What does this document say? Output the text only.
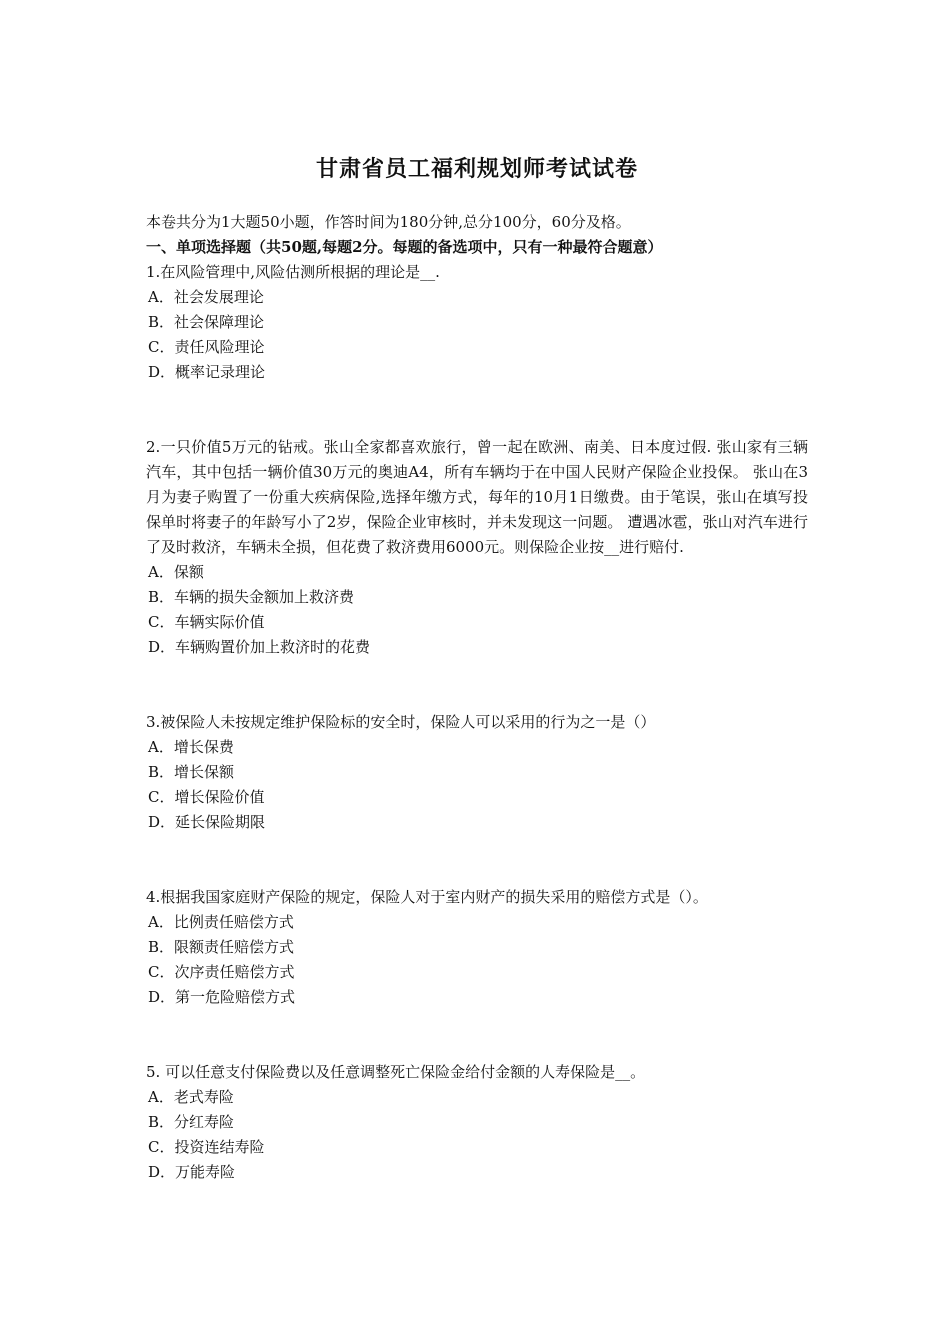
甘肃省员工福利规划师考试试卷

本卷共分为1大题50小题，作答时间为180分钟,总分100分，60分及格。

一、单项选择题（共50题,每题2分。每题的备选项中，只有一种最符合题意）

1.在风险管理中,风险估测所根据的理论是__.

A．社会发展理论

B．社会保障理论

C．责任风险理论

D．概率记录理论

2.一只价值5万元的钻戒。张山全家都喜欢旅行，曾一起在欧洲、南美、日本度过假. 张山家有三辆汽车，其中包括一辆价值30万元的奥迪A4，所有车辆均于在中国人民财产保险企业投保。 张山在3月为妻子购置了一份重大疾病保险,选择年缴方式，每年的10月1日缴费。由于笔误，张山在填写投保单时将妻子的年龄写小了2岁，保险企业审核时，并未发现这一问题。 遭遇冰雹，张山对汽车进行了及时救济，车辆未全损，但花费了救济费用6000元。则保险企业按__进行赔付.

A．保额

B．车辆的损失金额加上救济费

C．车辆实际价值

D．车辆购置价加上救济时的花费

3.被保险人未按规定维护保险标的安全时，保险人可以采用的行为之一是（）

A．增长保费

B．增长保额

C．增长保险价值

D．延长保险期限

4.根据我国家庭财产保险的规定，保险人对于室内财产的损失采用的赔偿方式是（）。

A．比例责任赔偿方式

B．限额责任赔偿方式

C．次序责任赔偿方式

D．第一危险赔偿方式

5. 可以任意支付保险费以及任意调整死亡保险金给付金额的人寿保险是__。

A．老式寿险

B．分红寿险

C．投资连结寿险

D．万能寿险
